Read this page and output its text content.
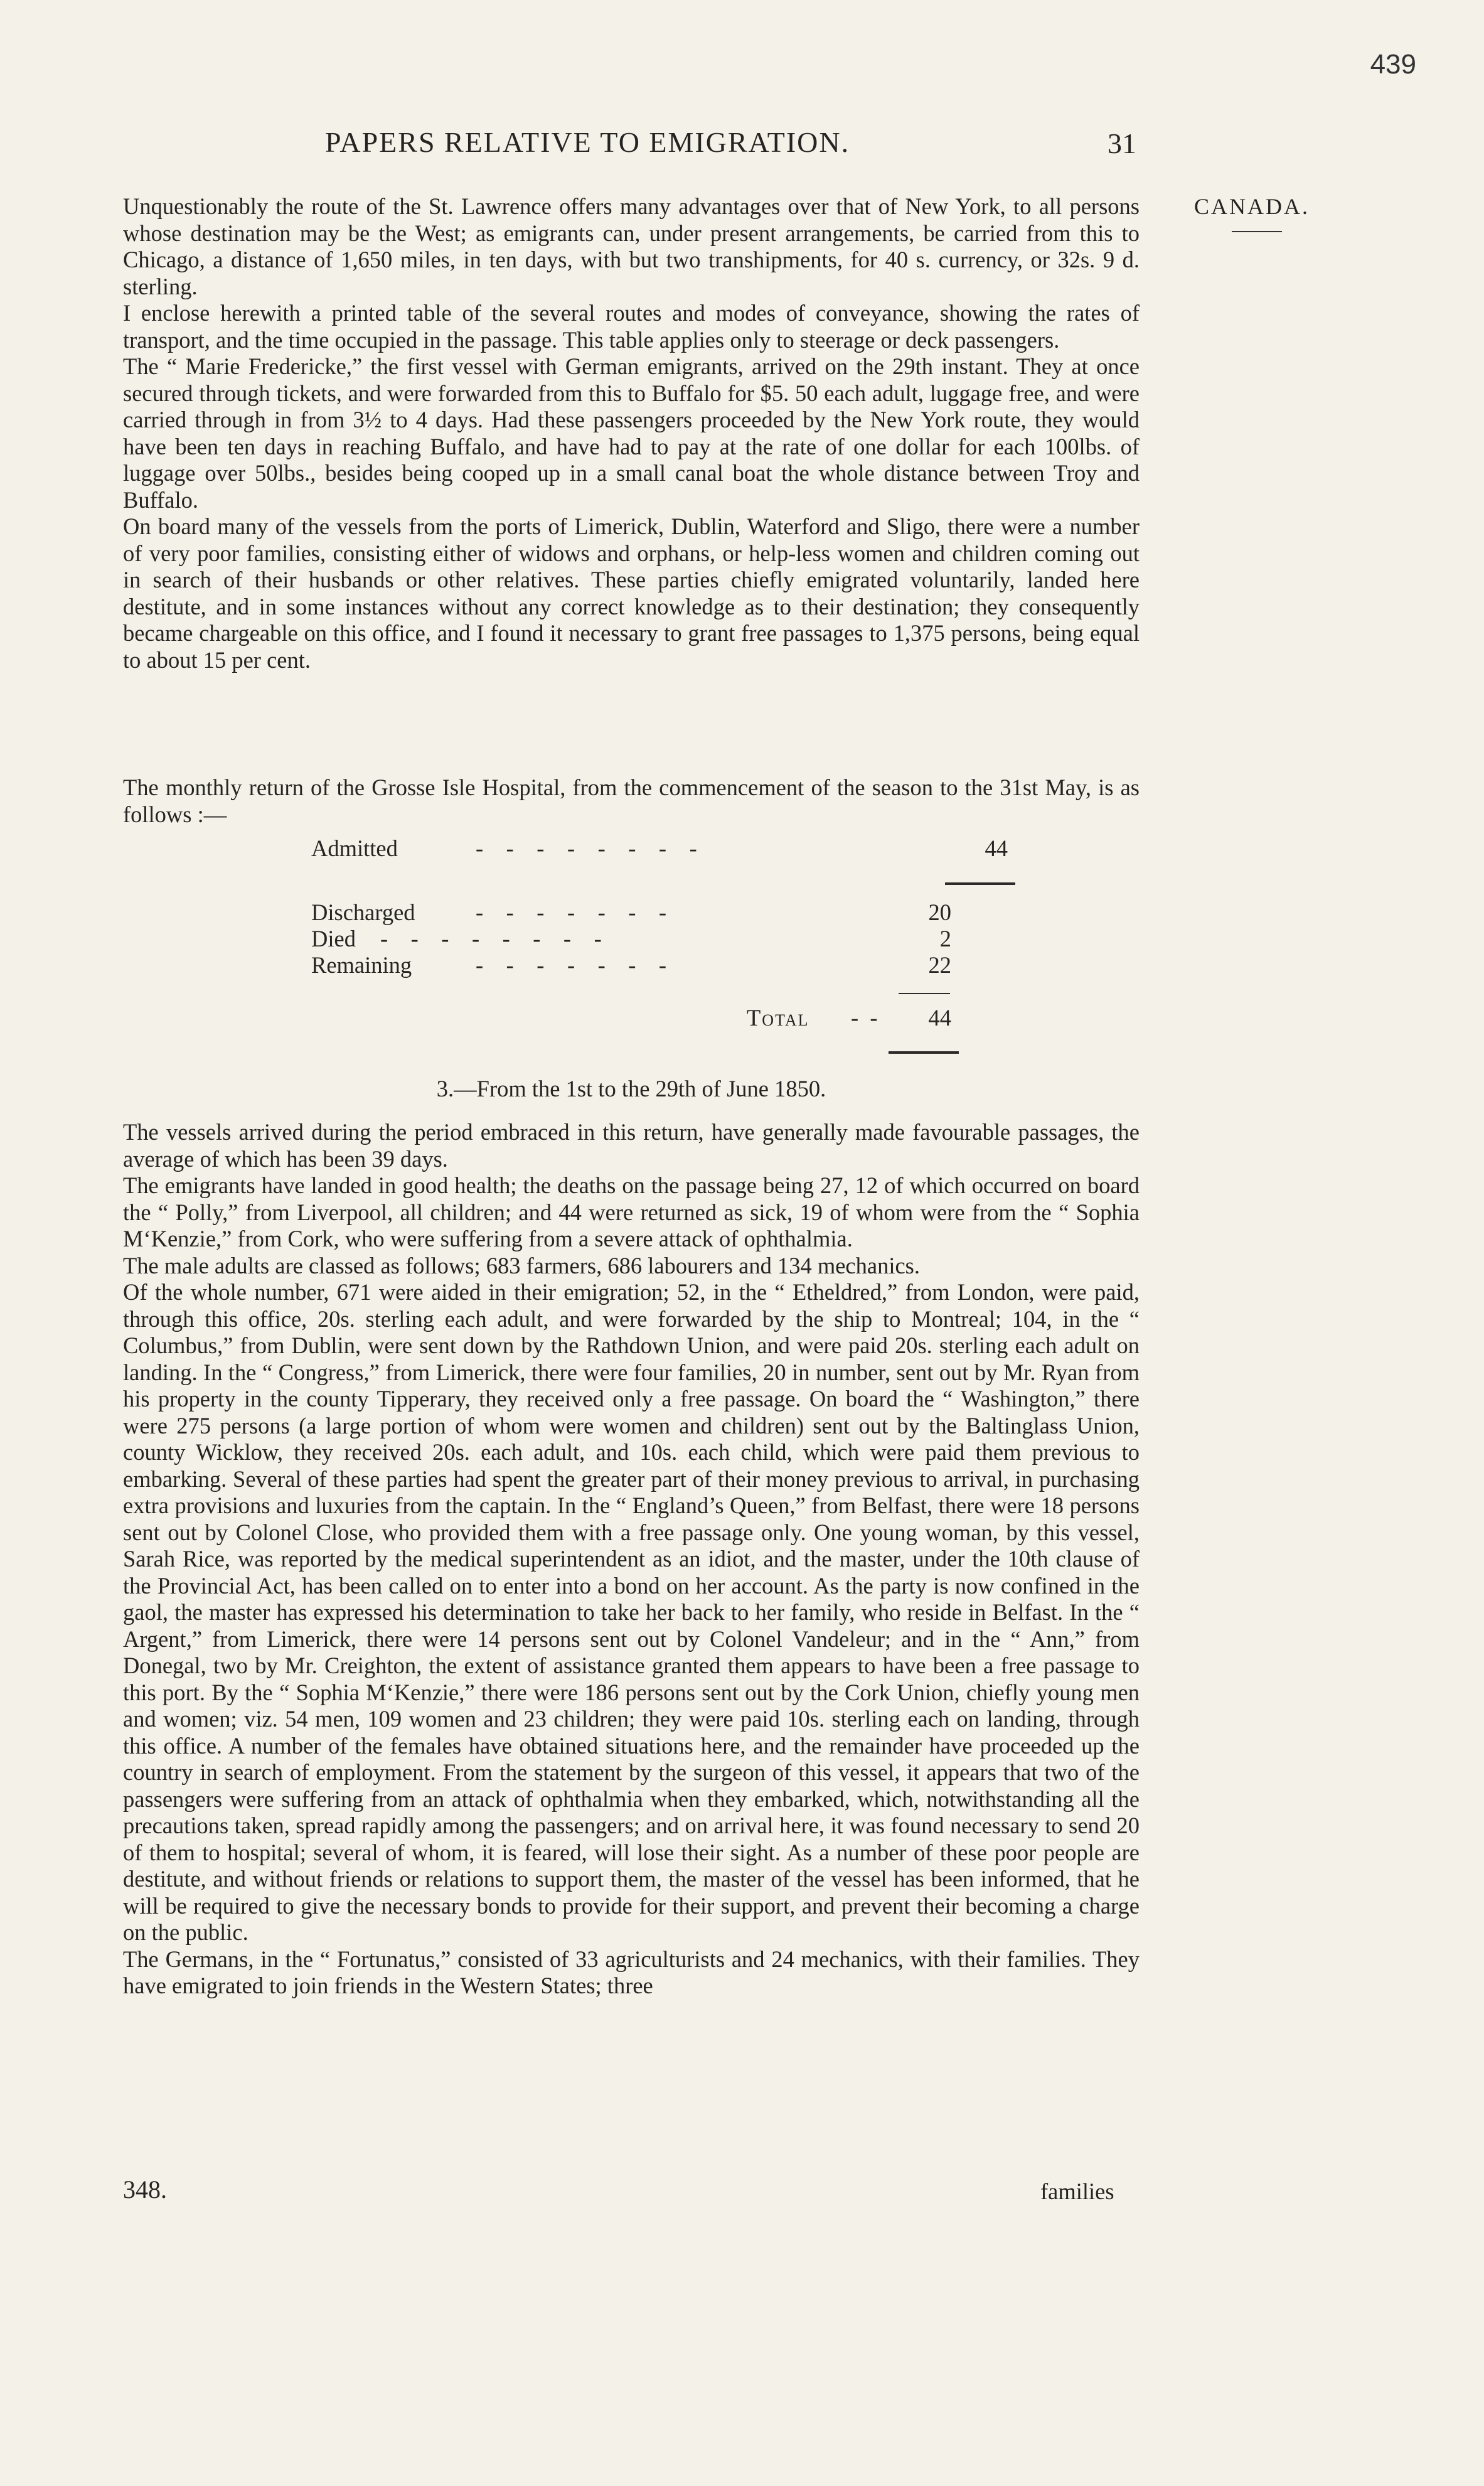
439
PAPERS RELATIVE TO EMIGRATION.	31
CANADA.

Unquestionably the route of the St. Lawrence offers many advantages over that of New York, to all persons whose destination may be the West; as emigrants can, under present arrangements, be carried from this to Chicago, a distance of 1,650 miles, in ten days, with but two transhipments, for 40 s. currency, or 32s. 9 d. sterling.

I enclose herewith a printed table of the several routes and modes of conveyance, showing the rates of transport, and the time occupied in the passage. This table applies only to steerage or deck passengers.

The “ Marie Fredericke,” the first vessel with German emigrants, arrived on the 29th instant. They at once secured through tickets, and were forwarded from this to Buffalo for $5. 50 each adult, luggage free, and were carried through in from 3½ to 4 days. Had these passengers proceeded by the New York route, they would have been ten days in reaching Buffalo, and have had to pay at the rate of one dollar for each 100lbs. of luggage over 50lbs., besides being cooped up in a small canal boat the whole distance between Troy and Buffalo.

On board many of the vessels from the ports of Limerick, Dublin, Waterford and Sligo, there were a number of very poor families, consisting either of widows and orphans, or help-less women and children coming out in search of their husbands or other relatives. These parties chiefly emigrated voluntarily, landed here destitute, and in some instances without any correct knowledge as to their destination; they consequently became chargeable on this office, and I found it necessary to grant free passages to 1,375 persons, being equal to about 15 per cent.

The monthly return of the Grosse Isle Hospital, from the commencement of the season to the 31st May, is as follows :—

Admitted	-    -    -    -    -    -    -    -	44
Discharged	-    -    -    -    -    -    -	20
Died -    -    -    -    -    -    -    -	2
Remaining	-    -    -    -    -    -    -	22
Total -  -	44
3.—From the 1st to the 29th of June 1850.

The vessels arrived during the period embraced in this return, have generally made favourable passages, the average of which has been 39 days.

The emigrants have landed in good health; the deaths on the passage being 27, 12 of which occurred on board the “ Polly,” from Liverpool, all children; and 44 were returned as sick, 19 of whom were from the “ Sophia M‘Kenzie,” from Cork, who were suffering from a severe attack of ophthalmia.

The male adults are classed as follows; 683 farmers, 686 labourers and 134 mechanics.

Of the whole number, 671 were aided in their emigration; 52, in the “ Etheldred,” from London, were paid, through this office, 20s. sterling each adult, and were forwarded by the ship to Montreal; 104, in the “ Columbus,” from Dublin, were sent down by the Rathdown Union, and were paid 20s. sterling each adult on landing. In the “ Congress,” from Limerick, there were four families, 20 in number, sent out by Mr. Ryan from his property in the county Tipperary, they received only a free passage. On board the “ Washington,” there were 275 persons (a large portion of whom were women and children) sent out by the Baltinglass Union, county Wicklow, they received 20s. each adult, and 10s. each child, which were paid them previous to embarking. Several of these parties had spent the greater part of their money previous to arrival, in purchasing extra provisions and luxuries from the captain. In the “ England’s Queen,” from Belfast, there were 18 persons sent out by Colonel Close, who provided them with a free passage only. One young woman, by this vessel, Sarah Rice, was reported by the medical superintendent as an idiot, and the master, under the 10th clause of the Provincial Act, has been called on to enter into a bond on her account. As the party is now confined in the gaol, the master has expressed his determination to take her back to her family, who reside in Belfast. In the “ Argent,” from Limerick, there were 14 persons sent out by Colonel Vandeleur; and in the “ Ann,” from Donegal, two by Mr. Creighton, the extent of assistance granted them appears to have been a free passage to this port. By the “ Sophia M‘Kenzie,” there were 186 persons sent out by the Cork Union, chiefly young men and women; viz. 54 men, 109 women and 23 children; they were paid 10s. sterling each on landing, through this office. A number of the females have obtained situations here, and the remainder have proceeded up the country in search of employment. From the statement by the surgeon of this vessel, it appears that two of the passengers were suffering from an attack of ophthalmia when they embarked, which, notwithstanding all the precautions taken, spread rapidly among the passengers; and on arrival here, it was found necessary to send 20 of them to hospital; several of whom, it is feared, will lose their sight. As a number of these poor people are destitute, and without friends or relations to support them, the master of the vessel has been informed, that he will be required to give the necessary bonds to provide for their support, and prevent their becoming a charge on the public.

The Germans, in the “ Fortunatus,” consisted of 33 agriculturists and 24 mechanics, with their families. They have emigrated to join friends in the Western States; three

348.	families
